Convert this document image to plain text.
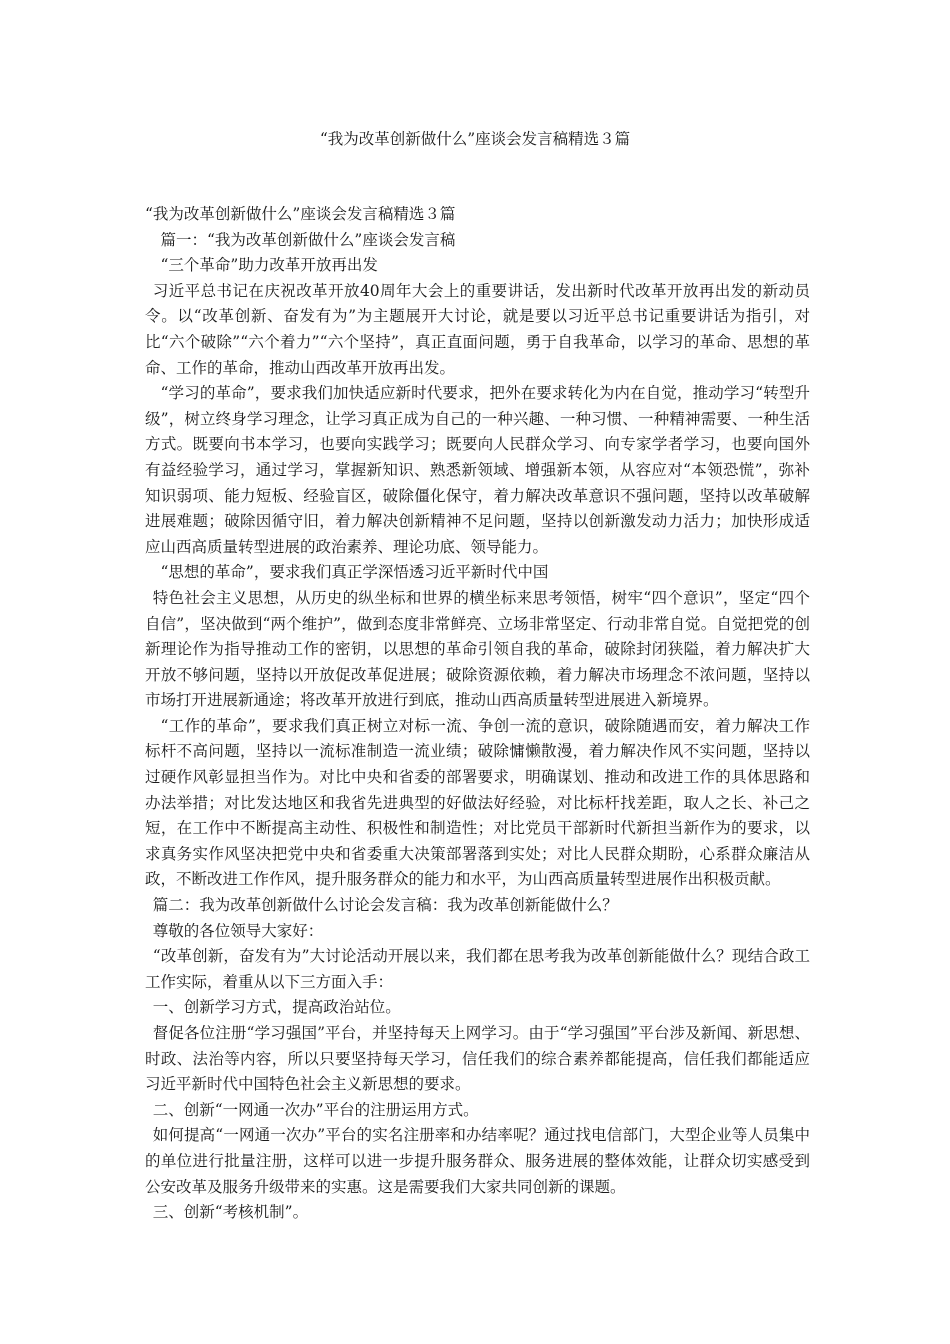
“我为改革创新做什么”座谈会发言稿精选３篇

“我为改革创新做什么”座谈会发言稿精选３篇

篇一：“我为改革创新做什么”座谈会发言稿

“三个革命”助力改革开放再出发

习近平总书记在庆祝改革开放40周年大会上的重要讲话，发出新时代改革开放再出发的新动员令。以“改革创新、奋发有为”为主题展开大讨论，就是要以习近平总书记重要讲话为指引，对比“六个破除”“六个着力”“六个坚持”，真正直面问题，勇于自我革命，以学习的革命、思想的革命、工作的革命，推动山西改革开放再出发。

“学习的革命”，要求我们加快适应新时代要求，把外在要求转化为内在自觉，推动学习“转型升级”，树立终身学习理念，让学习真正成为自己的一种兴趣、一种习惯、一种精神需要、一种生活方式。既要向书本学习，也要向实践学习；既要向人民群众学习、向专家学者学习，也要向国外有益经验学习，通过学习，掌握新知识、熟悉新领域、增强新本领，从容应对“本领恐慌”，弥补知识弱项、能力短板、经验盲区，破除僵化保守，着力解决改革意识不强问题，坚持以改革破解进展难题；破除因循守旧，着力解决创新精神不足问题，坚持以创新激发动力活力；加快形成适应山西高质量转型进展的政治素养、理论功底、领导能力。

“思想的革命”，要求我们真正学深悟透习近平新时代中国

特色社会主义思想，从历史的纵坐标和世界的横坐标来思考领悟，树牢“四个意识”，坚定“四个自信”，坚决做到“两个维护”，做到态度非常鲜亮、立场非常坚定、行动非常自觉。自觉把党的创新理论作为指导推动工作的密钥，以思想的革命引领自我的革命，破除封闭狭隘，着力解决扩大开放不够问题，坚持以开放促改革促进展；破除资源依赖，着力解决市场理念不浓问题，坚持以市场打开进展新通途；将改革开放进行到底，推动山西高质量转型进展进入新境界。

“工作的革命”，要求我们真正树立对标一流、争创一流的意识，破除随遇而安，着力解决工作标杆不高问题，坚持以一流标准制造一流业绩；破除慵懒散漫，着力解决作风不实问题，坚持以过硬作风彰显担当作为。对比中央和省委的部署要求，明确谋划、推动和改进工作的具体思路和办法举措；对比发达地区和我省先进典型的好做法好经验，对比标杆找差距，取人之长、补己之短，在工作中不断提高主动性、积极性和制造性；对比党员干部新时代新担当新作为的要求，以求真务实作风坚决把党中央和省委重大决策部署落到实处；对比人民群众期盼，心系群众廉洁从政，不断改进工作作风，提升服务群众的能力和水平，为山西高质量转型进展作出积极贡献。

篇二：我为改革创新做什么讨论会发言稿：我为改革创新能做什么？

尊敬的各位领导大家好：

“改革创新，奋发有为”大讨论活动开展以来，我们都在思考我为改革创新能做什么？现结合政工工作实际，着重从以下三方面入手：

一、创新学习方式，提高政治站位。

督促各位注册“学习强国”平台，并坚持每天上网学习。由于“学习强国”平台涉及新闻、新思想、时政、法治等内容，所以只要坚持每天学习，信任我们的综合素养都能提高，信任我们都能适应习近平新时代中国特色社会主义新思想的要求。

二、创新“一网通一次办”平台的注册运用方式。

如何提高“一网通一次办”平台的实名注册率和办结率呢？通过找电信部门，大型企业等人员集中的单位进行批量注册，这样可以进一步提升服务群众、服务进展的整体效能，让群众切实感受到公安改革及服务升级带来的实惠。这是需要我们大家共同创新的课题。

三、创新“考核机制”。
